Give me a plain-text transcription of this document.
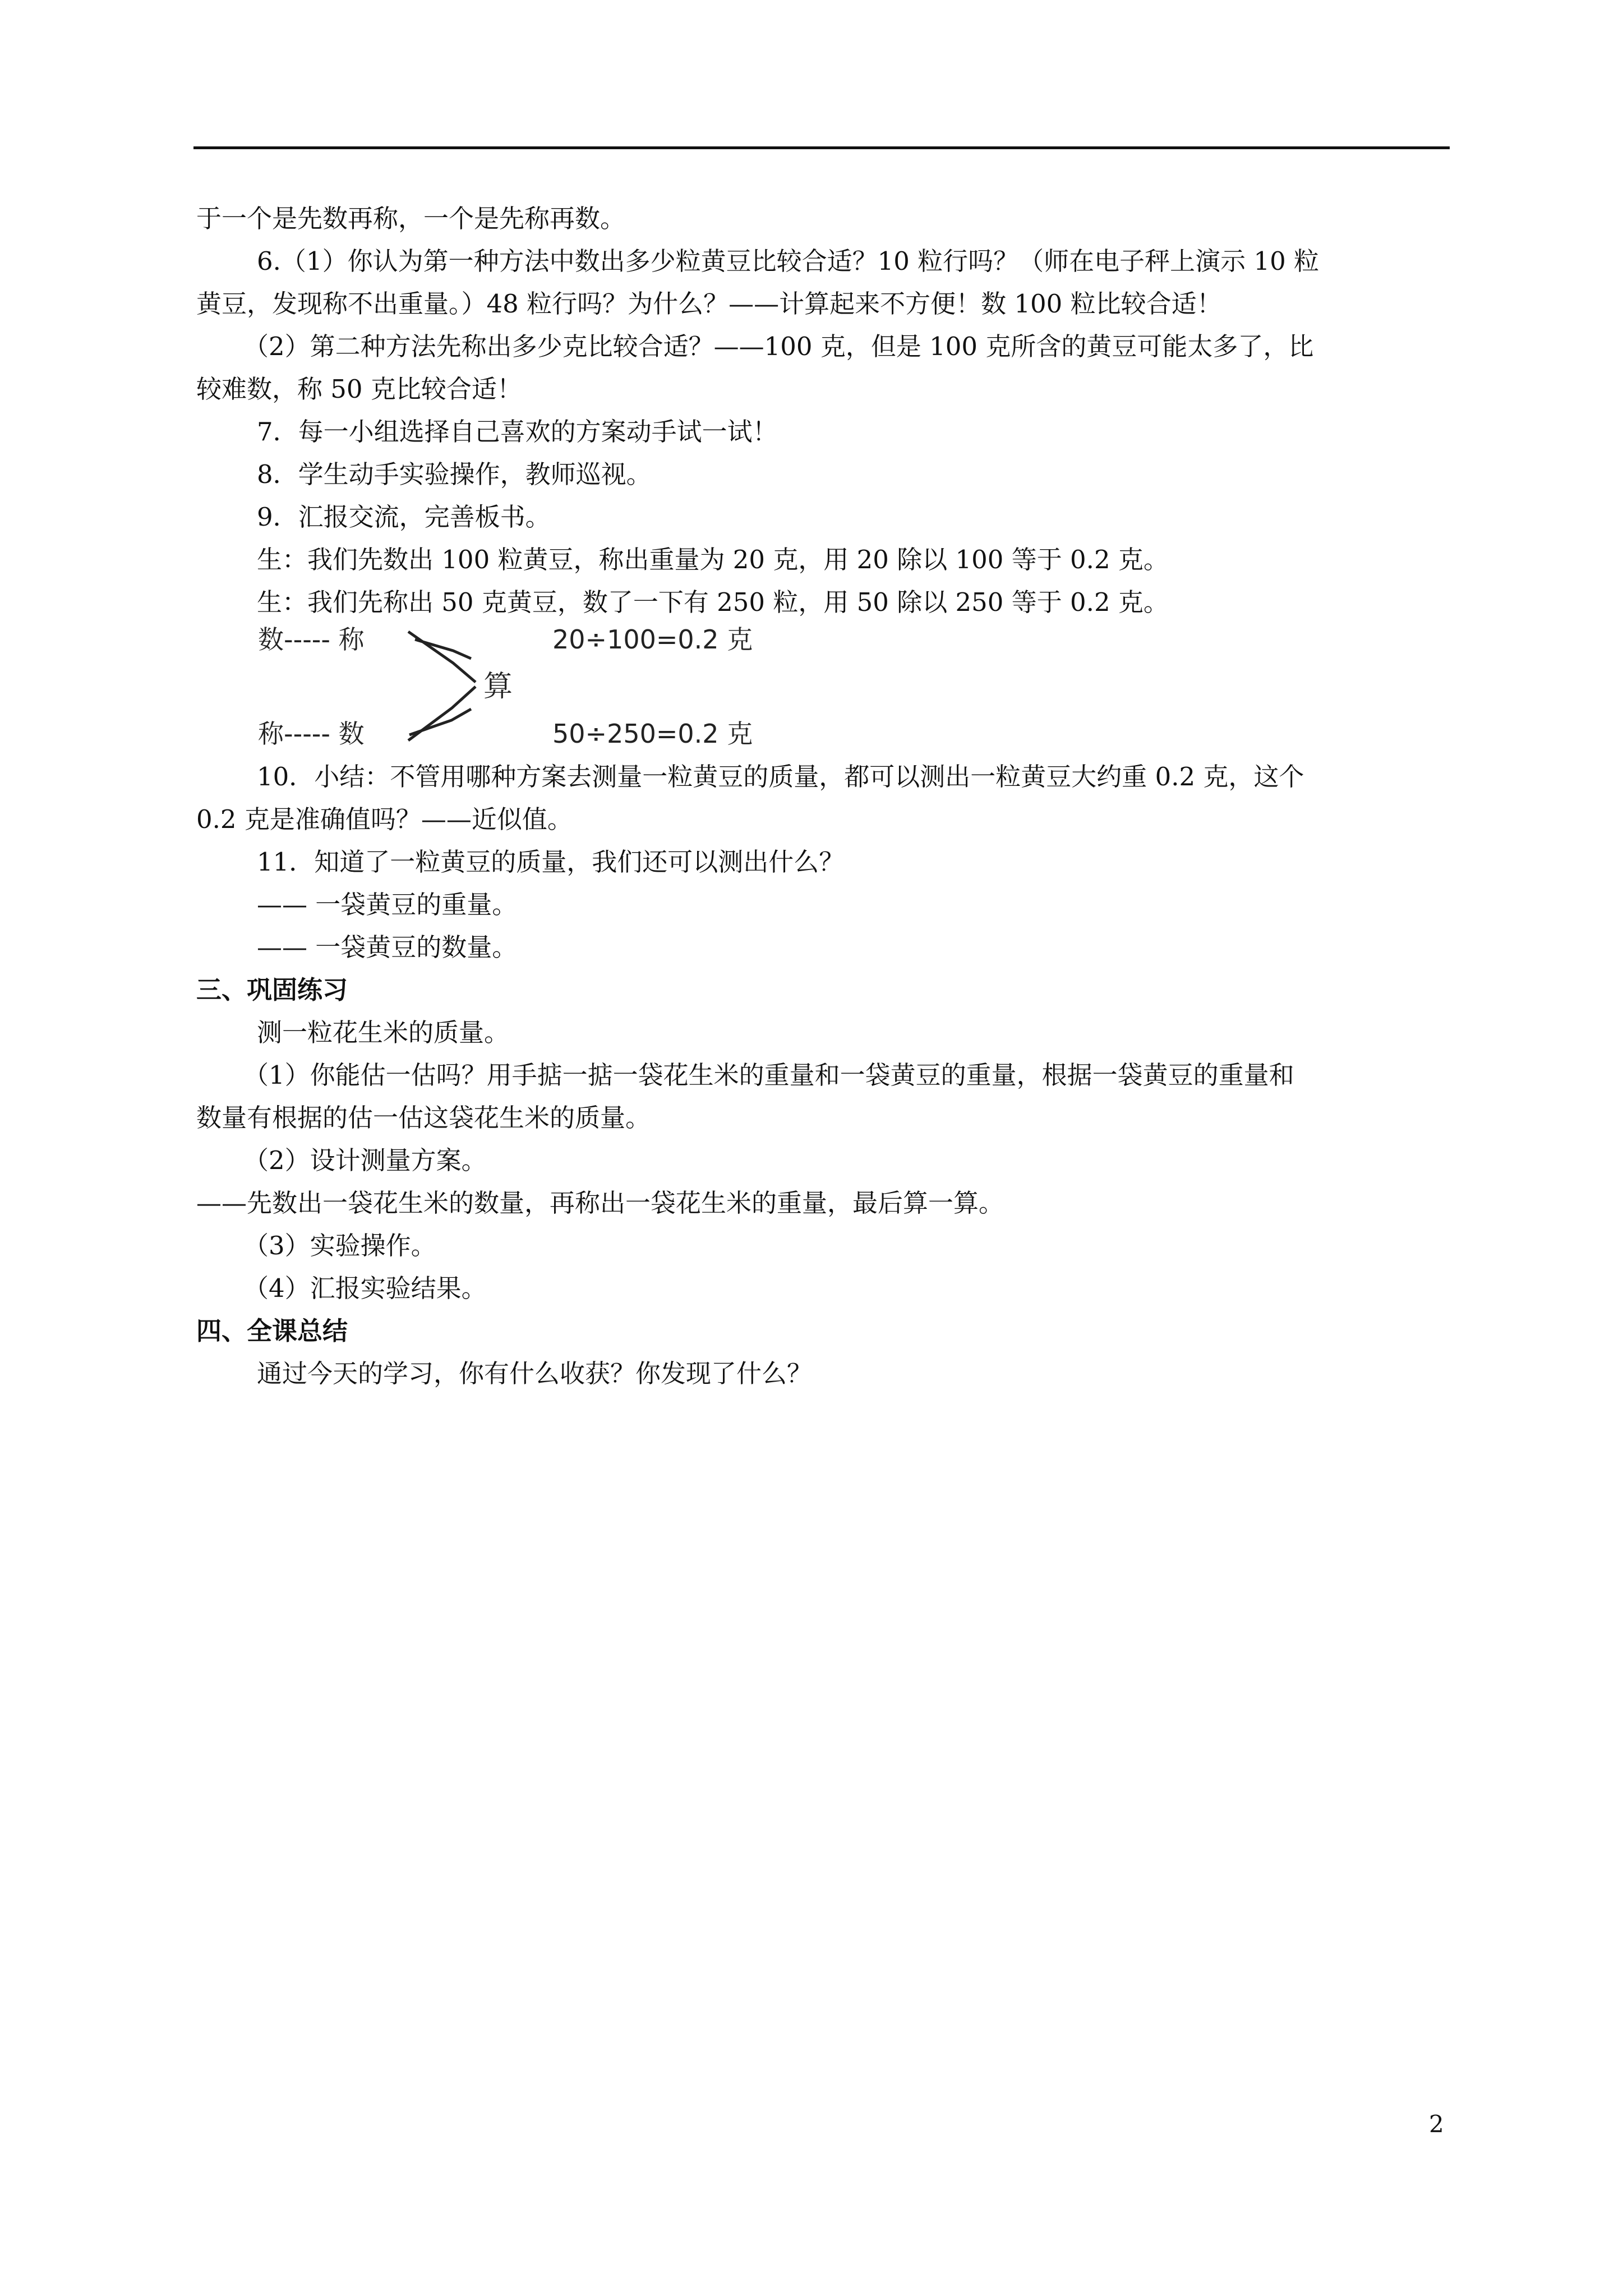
于一个是先数再称，一个是先称再数。
6.（1）你认为第一种方法中数出多少粒黄豆比较合适？10 粒行吗？（师在电子秤上演示 10 粒
黄豆，发现称不出重量。）48 粒行吗？为什么？——计算起来不方便！数 100 粒比较合适！
（2）第二种方法先称出多少克比较合适？——100 克，但是 100 克所含的黄豆可能太多了，比
较难数，称 50 克比较合适！
7．每一小组选择自己喜欢的方案动手试一试！
8．学生动手实验操作，教师巡视。
9．汇报交流，完善板书。
生：我们先数出 100 粒黄豆，称出重量为 20 克，用 20 除以 100 等于 0.2 克。
生：我们先称出 50 克黄豆，数了一下有 250 粒，用 50 除以 250 等于 0.2 克。
数----- 称
称----- 数
算
20÷100=0.2 克
50÷250=0.2 克
10．小结：不管用哪种方案去测量一粒黄豆的质量，都可以测出一粒黄豆大约重 0.2 克，这个
0.2 克是准确值吗？——近似值。
11．知道了一粒黄豆的质量，我们还可以测出什么？
—— 一袋黄豆的重量。
—— 一袋黄豆的数量。
三、巩固练习
测一粒花生米的质量。
（1）你能估一估吗？用手掂一掂一袋花生米的重量和一袋黄豆的重量，根据一袋黄豆的重量和
数量有根据的估一估这袋花生米的质量。
（2）设计测量方案。
——先数出一袋花生米的数量，再称出一袋花生米的重量，最后算一算。
（3）实验操作。
（4）汇报实验结果。
四、全课总结
通过今天的学习，你有什么收获？你发现了什么？
2
